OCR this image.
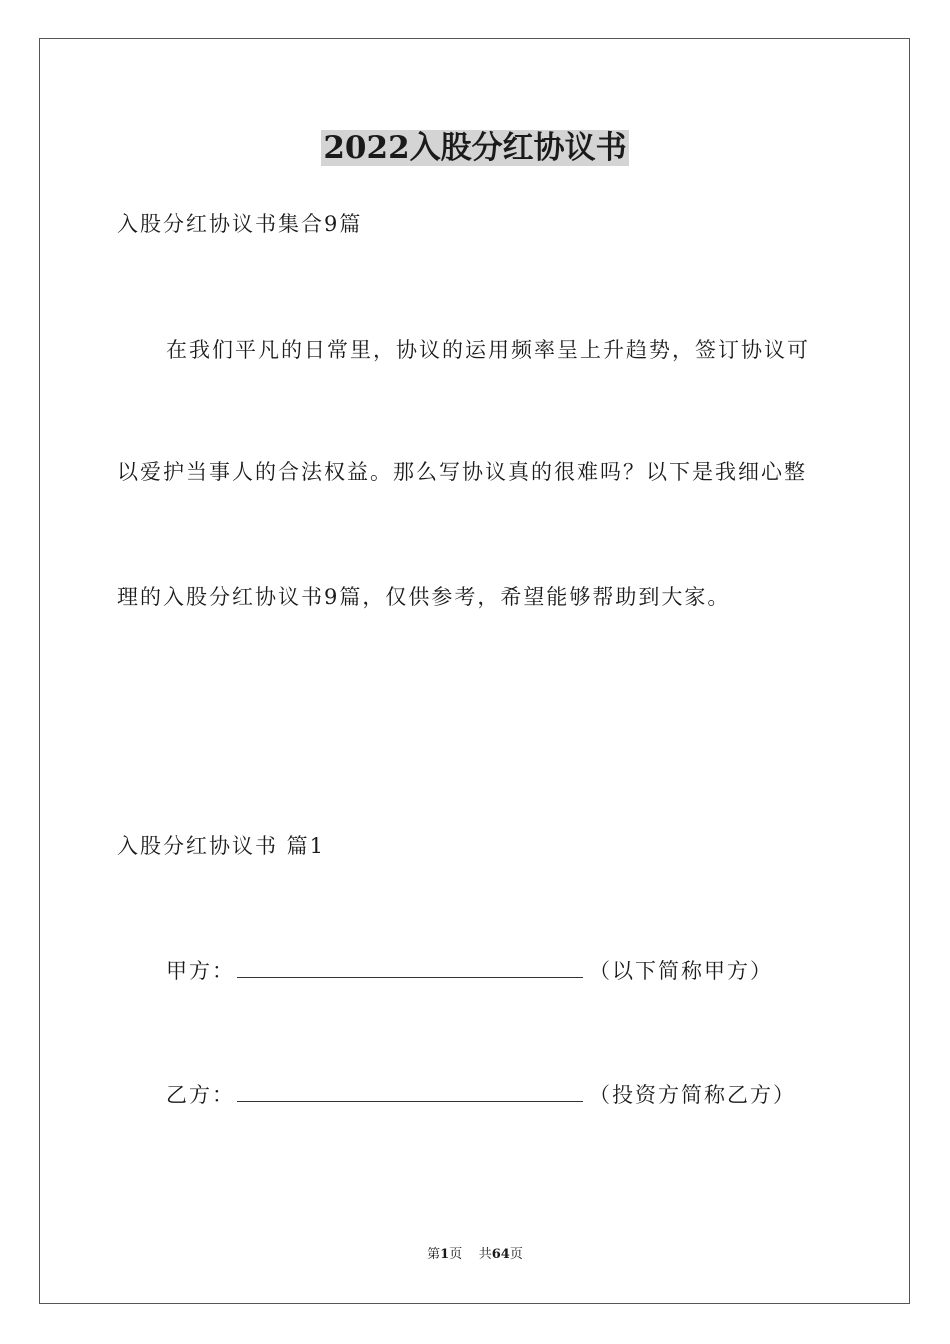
2022入股分红协议书
入股分红协议书集合9篇
在我们平凡的日常里，协议的运用频率呈上升趋势，签订协议可
以爱护当事人的合法权益。那么写协议真的很难吗？以下是我细心整
理的入股分红协议书9篇，仅供参考，希望能够帮助到大家。
入股分红协议书 篇1
甲方：	（以下简称甲方）
乙方：	（投资方简称乙方）
第1页 共64页
